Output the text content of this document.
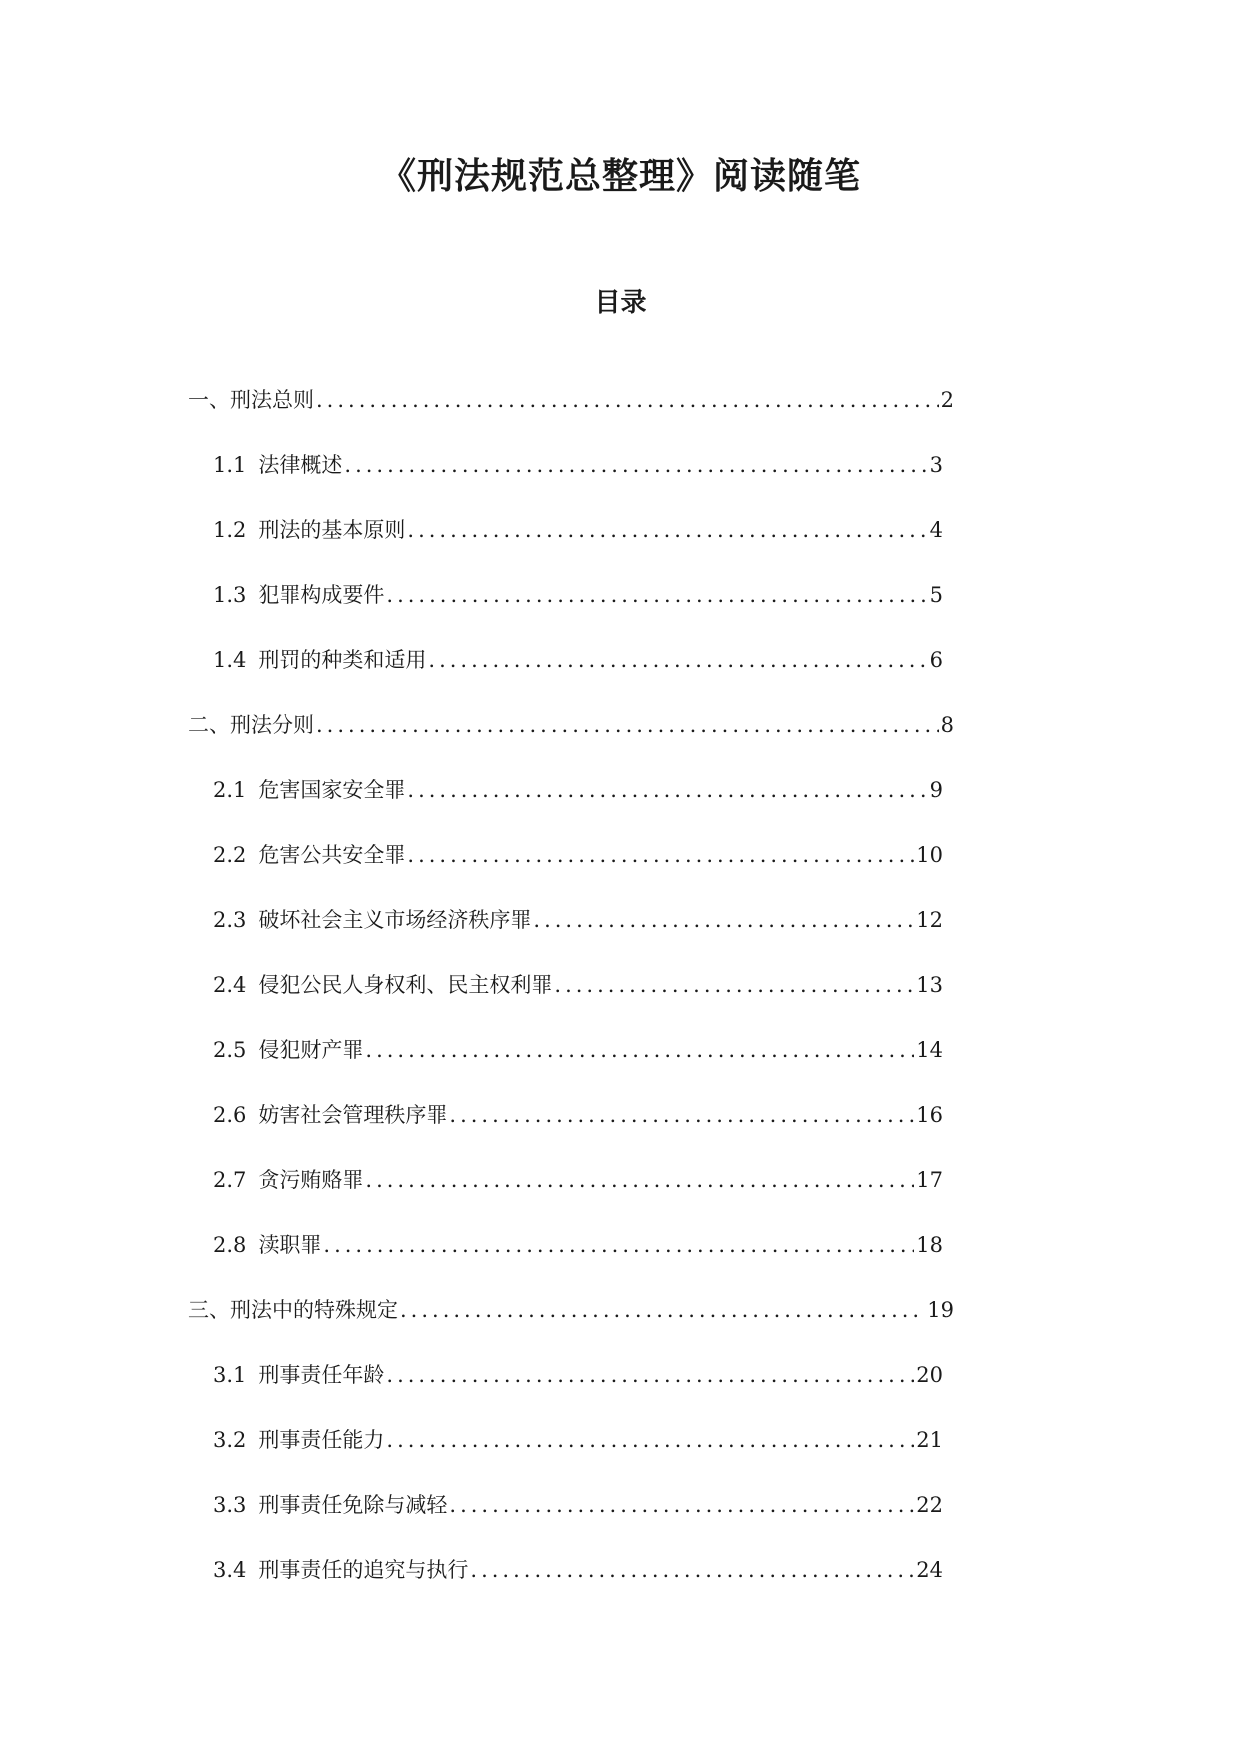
《刑法规范总整理》阅读随笔
目录
一、刑法总则 .....	2
1.1 法律概述 .....	3
1.2 刑法的基本原则 .....	4
1.3 犯罪构成要件 .....	5
1.4 刑罚的种类和适用 .....	6
二、刑法分则 .....	8
2.1 危害国家安全罪 .....	9
2.2 危害公共安全罪 .....	10
2.3 破坏社会主义市场经济秩序罪 .....	12
2.4 侵犯公民人身权利、民主权利罪 .....	13
2.5 侵犯财产罪 .....	14
2.6 妨害社会管理秩序罪 .....	16
2.7 贪污贿赂罪 .....	17
2.8 渎职罪 .....	18
三、刑法中的特殊规定 .....	19
3.1 刑事责任年龄 .....	20
3.2 刑事责任能力 .....	21
3.3 刑事责任免除与减轻 .....	22
3.4 刑事责任的追究与执行 .....	24
